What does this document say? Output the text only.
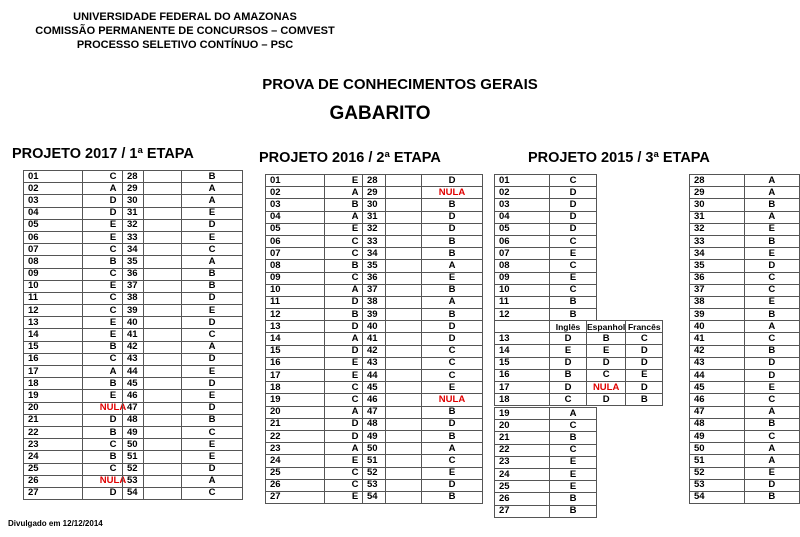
UNIVERSIDADE FEDERAL DO AMAZONAS
COMISSÃO PERMANENTE DE CONCURSOS – COMVEST
PROCESSO SELETIVO CONTÍNUO – PSC
PROVA DE CONHECIMENTOS GERAIS
GABARITO
PROJETO 2017 / 1ª ETAPA	PROJETO 2016 / 2ª ETAPA	PROJETO 2015 / 3ª ETAPA
01	C
02	A
03	D
04	D
05	E
06	E
07	C
08	B
09	C
10	E
11	C
12	C
13	E
14	E
15	B
16	C
17	A
18	B
19	E
20	NULA
21	D
22	B
23	C
24	B
25	C
26	NULA
27	D
28	B
29	A
30	A
31	E
32	D
33	E
34	C
35	A
36	B
37	B
38	D
39	E
40	D
41	C
42	A
43	D
44	E
45	D
46	E
47	D
48	B
49	C
50	E
51	E
52	D
53	A
54	C
01	E
02	A
03	B
04	A
05	E
06	C
07	C
08	B
09	C
10	A
11	D
12	B
13	D
14	A
15	D
16	E
17	E
18	C
19	C
20	A
21	D
22	D
23	A
24	E
25	C
26	C
27	E
28	D
29	NULA
30	B
31	D
32	D
33	B
34	B
35	A
36	E
37	B
38	A
39	B
40	D
41	D
42	C
43	C
44	C
45	E
46	NULA
47	B
48	D
49	B
50	A
51	C
52	E
53	D
54	B
01	C
02	D
03	D
04	D
05	D
06	C
07	E
08	C
09	E
10	C
11	B
12	B
	Inglês	Espanhol	Francês
13	D	B	C
14	E	E	D
15	D	D	D
16	B	C	E
17	D	NULA	D
18	C	D	B
19	A
20	C
21	B
22	C
23	E
24	E
25	E
26	B
27	B
28	A
29	A
30	B
31	A
32	E
33	B
34	E
35	D
36	C
37	C
38	E
39	B
40	A
41	C
42	B
43	D
44	D
45	E
46	C
47	A
48	B
49	C
50	A
51	A
52	E
53	D
54	B
Divulgado em 12/12/2014
